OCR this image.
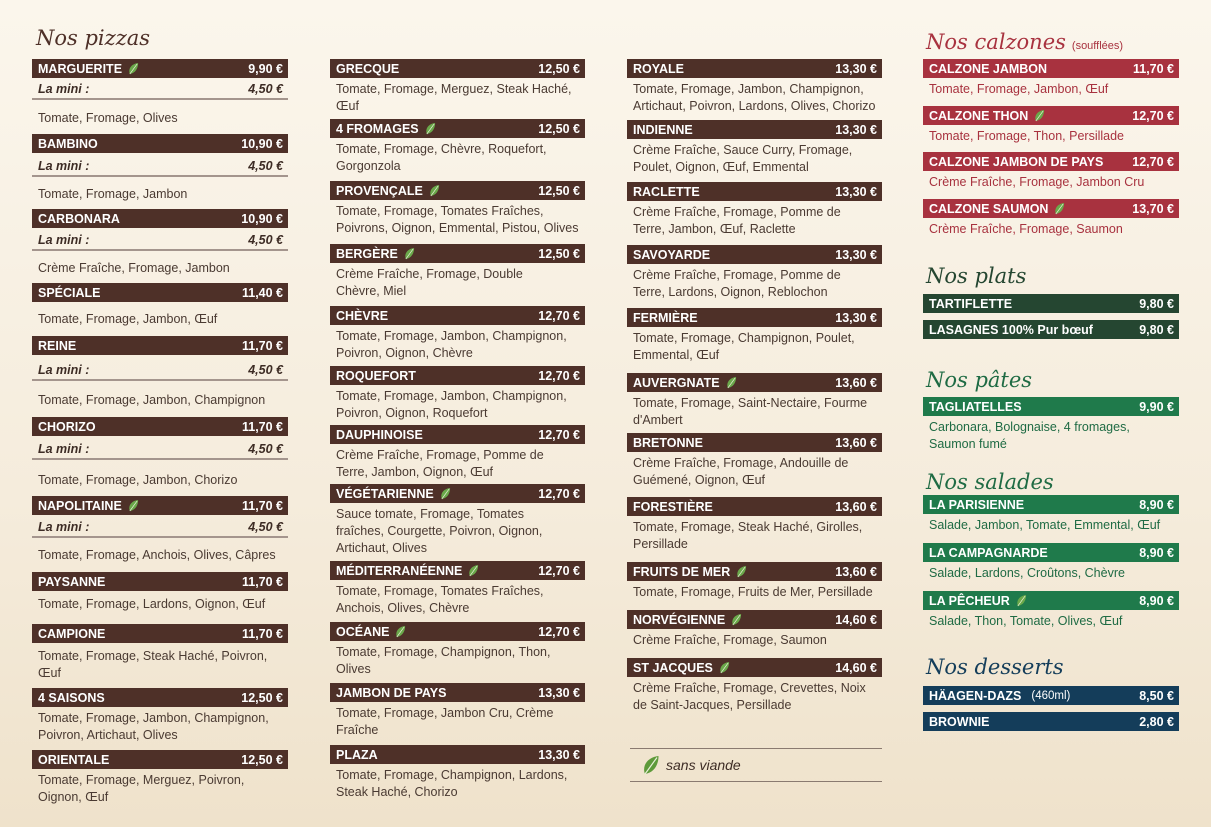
Nos pizzas	Nos calzones (soufflées)
Nos plats
Nos pâtes
Nos salades
Nos desserts
sans viande
MARGUERITE	9,90 €
La mini :	4,50 €
Tomate, Fromage, Olives
BAMBINO	10,90 €
La mini :	4,50 €
Tomate, Fromage, Jambon
CARBONARA	10,90 €
La mini :	4,50 €
Crème Fraîche, Fromage, Jambon
SPÉCIALE	11,40 €
Tomate, Fromage, Jambon, Œuf
REINE	11,70 €
La mini :	4,50 €
Tomate, Fromage, Jambon, Champignon
CHORIZO	11,70 €
La mini :	4,50 €
Tomate, Fromage, Jambon, Chorizo
NAPOLITAINE	11,70 €
La mini :	4,50 €
Tomate, Fromage, Anchois, Olives, Câpres
PAYSANNE	11,70 €
Tomate, Fromage, Lardons, Oignon, Œuf
CAMPIONE	11,70 €
Tomate, Fromage, Steak Haché, Poivron,
Œuf
4 SAISONS	12,50 €
Tomate, Fromage, Jambon, Champignon,
Poivron, Artichaut, Olives
ORIENTALE	12,50 €
Tomate, Fromage, Merguez, Poivron,
Oignon, Œuf
GRECQUE	12,50 €
Tomate, Fromage, Merguez, Steak Haché,
Œuf
4 FROMAGES	12,50 €
Tomate, Fromage, Chèvre, Roquefort,
Gorgonzola
PROVENÇALE	12,50 €
Tomate, Fromage, Tomates Fraîches,
Poivrons, Oignon, Emmental, Pistou, Olives
BERGÈRE	12,50 €
Crème Fraîche, Fromage, Double
Chèvre, Miel
CHÈVRE	12,70 €
Tomate, Fromage, Jambon, Champignon,
Poivron, Oignon, Chèvre
ROQUEFORT	12,70 €
Tomate, Fromage, Jambon, Champignon,
Poivron, Oignon, Roquefort
DAUPHINOISE	12,70 €
Crème Fraîche, Fromage, Pomme de
Terre, Jambon, Oignon, Œuf
VÉGÉTARIENNE	12,70 €
Sauce tomate, Fromage, Tomates
fraîches, Courgette, Poivron, Oignon,
Artichaut, Olives
MÉDITERRANÉENNE	12,70 €
Tomate, Fromage, Tomates Fraîches,
Anchois, Olives, Chèvre
OCÉANE	12,70 €
Tomate, Fromage, Champignon, Thon,
Olives
JAMBON DE PAYS	13,30 €
Tomate, Fromage, Jambon Cru, Crème
Fraîche
PLAZA	13,30 €
Tomate, Fromage, Champignon, Lardons,
Steak Haché, Chorizo
ROYALE	13,30 €
Tomate, Fromage, Jambon, Champignon,
Artichaut, Poivron, Lardons, Olives, Chorizo
INDIENNE	13,30 €
Crème Fraîche, Sauce Curry, Fromage,
Poulet, Oignon, Œuf, Emmental
RACLETTE	13,30 €
Crème Fraîche, Fromage, Pomme de
Terre, Jambon, Œuf, Raclette
SAVOYARDE	13,30 €
Crème Fraîche, Fromage, Pomme de
Terre, Lardons, Oignon, Reblochon
FERMIÈRE	13,30 €
Tomate, Fromage, Champignon, Poulet,
Emmental, Œuf
AUVERGNATE	13,60 €
Tomate, Fromage, Saint-Nectaire, Fourme
d'Ambert
BRETONNE	13,60 €
Crème Fraîche, Fromage, Andouille de
Guémené, Oignon, Œuf
FORESTIÈRE	13,60 €
Tomate, Fromage, Steak Haché, Girolles,
Persillade
FRUITS DE MER	13,60 €
Tomate, Fromage, Fruits de Mer, Persillade
NORVÉGIENNE	14,60 €
Crème Fraîche, Fromage, Saumon
ST JACQUES	14,60 €
Crème Fraîche, Fromage, Crevettes, Noix
de Saint-Jacques, Persillade
CALZONE JAMBON	11,70 €
Tomate, Fromage, Jambon, Œuf
CALZONE THON	12,70 €
Tomate, Fromage, Thon, Persillade
CALZONE JAMBON DE PAYS 12,70 €
Crème Fraîche, Fromage, Jambon Cru
CALZONE SAUMON	13,70 €
Crème Fraîche, Fromage, Saumon
TARTIFLETTE	9,80 €
LASAGNES 100% Pur bœuf	9,80 €
TAGLIATELLES	9,90 €
Carbonara, Bolognaise, 4 fromages,
Saumon fumé
LA PARISIENNE	8,90 €
Salade, Jambon, Tomate, Emmental, Œuf
LA CAMPAGNARDE	8,90 €
Salade, Lardons, Croûtons, Chèvre
LA PÊCHEUR	8,90 €
Salade, Thon, Tomate, Olives, Œuf
HÄAGEN-DAZS (460ml)	8,50 €
BROWNIE	2,80 €
